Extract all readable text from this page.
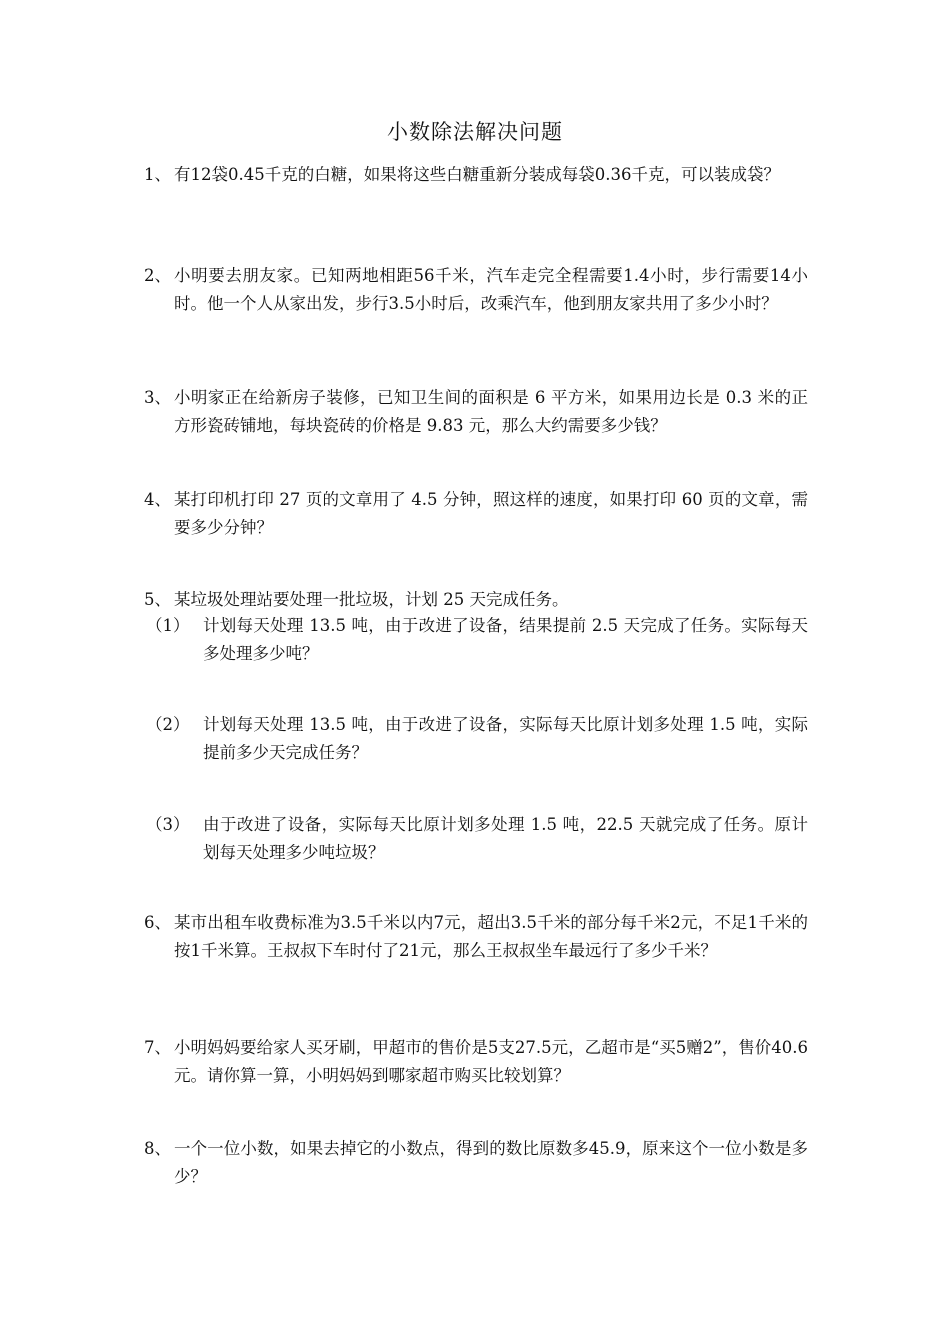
小数除法解决问题
1、 有12袋0.45千克的白糖，如果将这些白糖重新分装成每袋0.36千克，可以装成袋？
2、 小明要去朋友家。已知两地相距56千米，汽车走完全程需要1.4小时，步行需要14小时。他一个人从家出发，步行3.5小时后，改乘汽车，他到朋友家共用了多少小时？
3、 小明家正在给新房子装修，已知卫生间的面积是 6 平方米，如果用边长是 0.3 米的正方形瓷砖铺地，每块瓷砖的价格是 9.83 元，那么大约需要多少钱？
4、 某打印机打印 27 页的文章用了 4.5 分钟，照这样的速度，如果打印 60 页的文章，需要多少分钟？
5、 某垃圾处理站要处理一批垃圾，计划 25 天完成任务。
（1） 计划每天处理 13.5 吨，由于改进了设备，结果提前 2.5 天完成了任务。实际每天多处理多少吨？
（2） 计划每天处理 13.5 吨，由于改进了设备，实际每天比原计划多处理 1.5 吨，实际提前多少天完成任务？
（3） 由于改进了设备，实际每天比原计划多处理 1.5 吨，22.5 天就完成了任务。原计划每天处理多少吨垃圾？
6、 某市出租车收费标准为3.5千米以内7元，超出3.5千米的部分每千米2元，不足1千米的按1千米算。王叔叔下车时付了21元，那么王叔叔坐车最远行了多少千米？
7、 小明妈妈要给家人买牙刷，甲超市的售价是5支27.5元，乙超市是“买5赠2”，售价40.6元。请你算一算，小明妈妈到哪家超市购买比较划算？
8、 一个一位小数，如果去掉它的小数点，得到的数比原数多45.9，原来这个一位小数是多少？
